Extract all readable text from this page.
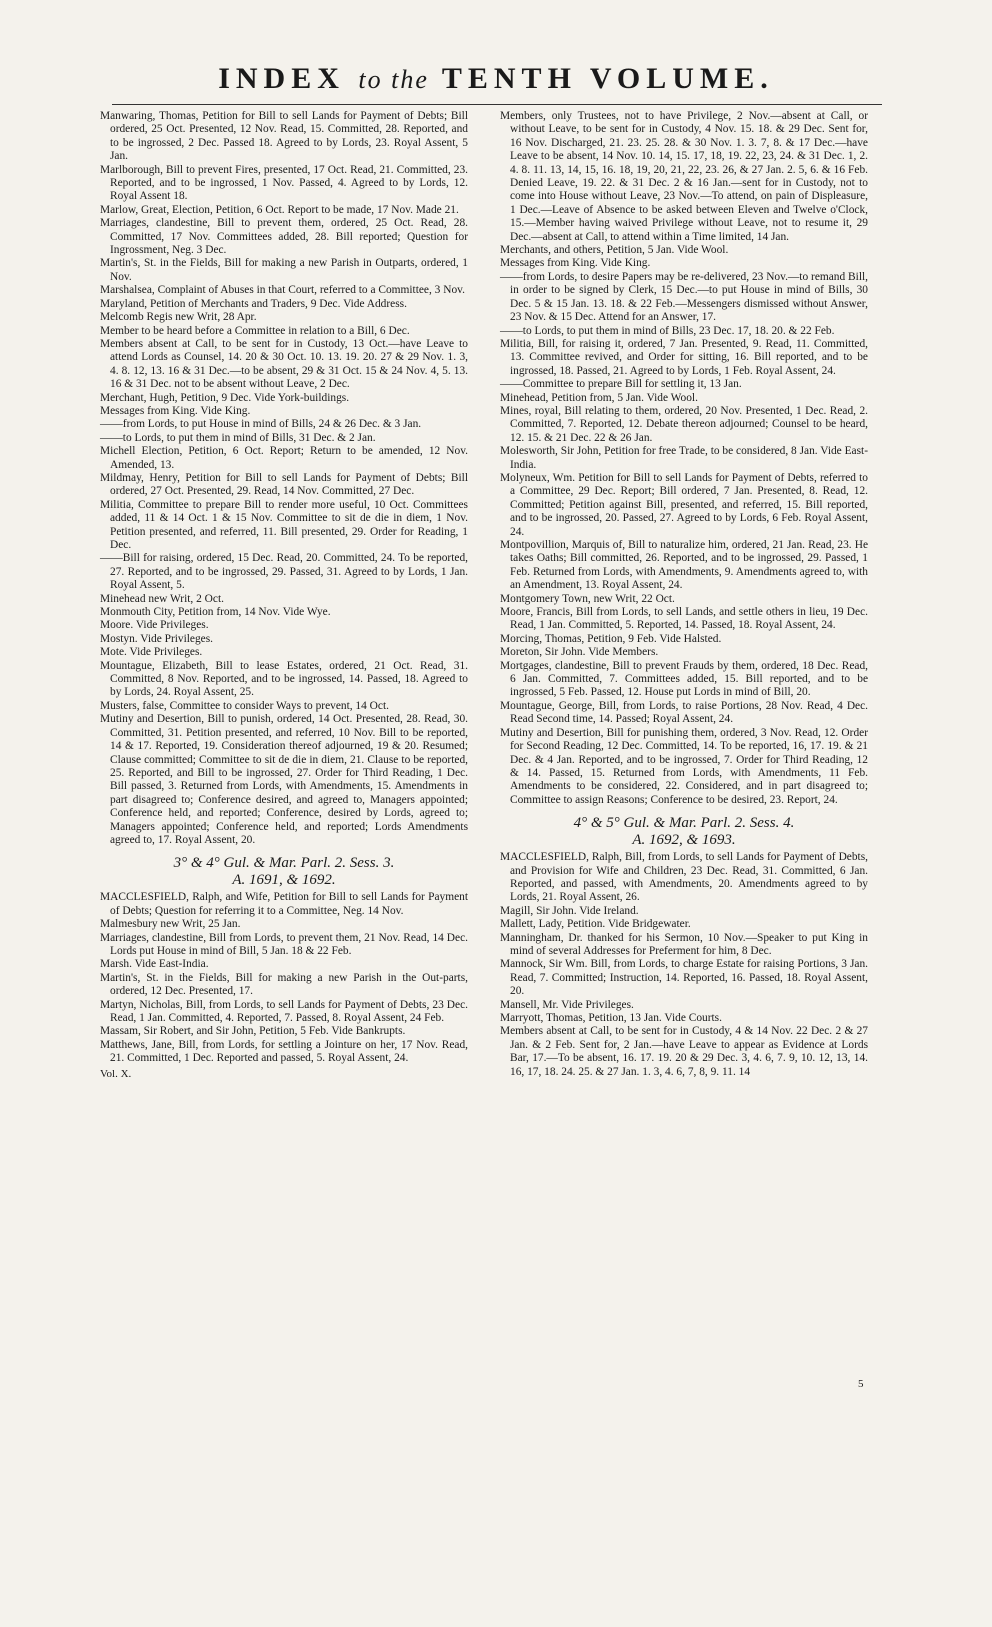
INDEX to the TENTH VOLUME.

Manwaring, Thomas, Petition for Bill to sell Lands for Payment of Debts; Bill ordered, 25 Oct. Presented, 12 Nov. Read, 15. Committed, 28. Reported, and to be ingrossed, 2 Dec. Passed 18. Agreed to by Lords, 23. Royal Assent, 5 Jan.

Marlborough, Bill to prevent Fires, presented, 17 Oct. Read, 21. Committed, 23. Reported, and to be ingrossed, 1 Nov. Passed, 4. Agreed to by Lords, 12. Royal Assent 18.

Marlow, Great, Election, Petition, 6 Oct. Report to be made, 17 Nov. Made 21.

Marriages, clandestine, Bill to prevent them, ordered, 25 Oct. Read, 28. Committed, 17 Nov. Committees added, 28. Bill reported; Question for Ingrossment, Neg. 3 Dec.

Martin's, St. in the Fields, Bill for making a new Parish in Outparts, ordered, 1 Nov.

Marshalsea, Complaint of Abuses in that Court, referred to a Committee, 3 Nov.

Maryland, Petition of Merchants and Traders, 9 Dec. Vide Address.

Melcomb Regis new Writ, 28 Apr.

Member to be heard before a Committee in relation to a Bill, 6 Dec.

Members absent at Call, to be sent for in Custody, 13 Oct.—have Leave to attend Lords as Counsel, 14. 20 & 30 Oct. 10. 13. 19. 20. 27 & 29 Nov. 1. 3, 4. 8. 12, 13. 16 & 31 Dec.—to be absent, 29 & 31 Oct. 15 & 24 Nov. 4, 5. 13. 16 & 31 Dec. not to be absent without Leave, 2 Dec.

Merchant, Hugh, Petition, 9 Dec. Vide York-buildings.

Messages from King. Vide King.

——from Lords, to put House in mind of Bills, 24 & 26 Dec. & 3 Jan.

——to Lords, to put them in mind of Bills, 31 Dec. & 2 Jan.

Michell Election, Petition, 6 Oct. Report; Return to be amended, 12 Nov. Amended, 13.

Mildmay, Henry, Petition for Bill to sell Lands for Payment of Debts; Bill ordered, 27 Oct. Presented, 29. Read, 14 Nov. Committed, 27 Dec.

Militia, Committee to prepare Bill to render more useful, 10 Oct. Committees added, 11 & 14 Oct. 1 & 15 Nov. Committee to sit de die in diem, 1 Nov. Petition presented, and referred, 11. Bill presented, 29. Order for Reading, 1 Dec.

——Bill for raising, ordered, 15 Dec. Read, 20. Committed, 24. To be reported, 27. Reported, and to be ingrossed, 29. Passed, 31. Agreed to by Lords, 1 Jan. Royal Assent, 5.

Minehead new Writ, 2 Oct.

Monmouth City, Petition from, 14 Nov. Vide Wye.

Moore. Vide Privileges.

Mostyn. Vide Privileges.

Mote. Vide Privileges.

Mountague, Elizabeth, Bill to lease Estates, ordered, 21 Oct. Read, 31. Committed, 8 Nov. Reported, and to be ingrossed, 14. Passed, 18. Agreed to by Lords, 24. Royal Assent, 25.

Musters, false, Committee to consider Ways to prevent, 14 Oct.

Mutiny and Desertion, Bill to punish, ordered, 14 Oct. Presented, 28. Read, 30. Committed, 31. Petition presented, and referred, 10 Nov. Bill to be reported, 14 & 17. Reported, 19. Consideration thereof adjourned, 19 & 20. Resumed; Clause committed; Committee to sit de die in diem, 21. Clause to be reported, 25. Reported, and Bill to be ingrossed, 27. Order for Third Reading, 1 Dec. Bill passed, 3. Returned from Lords, with Amendments, 15. Amendments in part disagreed to; Conference desired, and agreed to, Managers appointed; Conference held, and reported; Conference, desired by Lords, agreed to; Managers appointed; Conference held, and reported; Lords Amendments agreed to, 17. Royal Assent, 20.

3° & 4° Gul. & Mar. Parl. 2. Sess. 3.
A. 1691, & 1692.

MACCLESFIELD, Ralph, and Wife, Petition for Bill to sell Lands for Payment of Debts; Question for referring it to a Committee, Neg. 14 Nov.

Malmesbury new Writ, 25 Jan.

Marriages, clandestine, Bill from Lords, to prevent them, 21 Nov. Read, 14 Dec. Lords put House in mind of Bill, 5 Jan. 18 & 22 Feb.

Marsh. Vide East-India.

Martin's, St. in the Fields, Bill for making a new Parish in the Out-parts, ordered, 12 Dec. Presented, 17.

Martyn, Nicholas, Bill, from Lords, to sell Lands for Payment of Debts, 23 Dec. Read, 1 Jan. Committed, 4. Reported, 7. Passed, 8. Royal Assent, 24 Feb.

Massam, Sir Robert, and Sir John, Petition, 5 Feb. Vide Bankrupts.

Matthews, Jane, Bill, from Lords, for settling a Jointure on her, 17 Nov. Read, 21. Committed, 1 Dec. Reported and passed, 5. Royal Assent, 24.

Vol. X.

Members, only Trustees, not to have Privilege, 2 Nov.—absent at Call, or without Leave, to be sent for in Custody, 4 Nov. 15. 18. & 29 Dec. Sent for, 16 Nov. Discharged, 21. 23. 25. 28. & 30 Nov. 1. 3. 7, 8. & 17 Dec.—have Leave to be absent, 14 Nov. 10. 14, 15. 17, 18, 19. 22, 23, 24. & 31 Dec. 1, 2. 4. 8. 11. 13, 14, 15, 16. 18, 19, 20, 21, 22, 23. 26, & 27 Jan. 2. 5, 6. & 16 Feb. Denied Leave, 19. 22. & 31 Dec. 2 & 16 Jan.—sent for in Custody, not to come into House without Leave, 23 Nov.—To attend, on pain of Displeasure, 1 Dec.—Leave of Absence to be asked between Eleven and Twelve o'Clock, 15.—Member having waived Privilege without Leave, not to resume it, 29 Dec.—absent at Call, to attend within a Time limited, 14 Jan.

Merchants, and others, Petition, 5 Jan. Vide Wool.

Messages from King. Vide King.

——from Lords, to desire Papers may be re-delivered, 23 Nov.—to remand Bill, in order to be signed by Clerk, 15 Dec.—to put House in mind of Bills, 30 Dec. 5 & 15 Jan. 13. 18. & 22 Feb.—Messengers dismissed without Answer, 23 Nov. & 15 Dec. Attend for an Answer, 17.

——to Lords, to put them in mind of Bills, 23 Dec. 17, 18. 20. & 22 Feb.

Militia, Bill, for raising it, ordered, 7 Jan. Presented, 9. Read, 11. Committed, 13. Committee revived, and Order for sitting, 16. Bill reported, and to be ingrossed, 18. Passed, 21. Agreed to by Lords, 1 Feb. Royal Assent, 24.

——Committee to prepare Bill for settling it, 13 Jan.

Minehead, Petition from, 5 Jan. Vide Wool.

Mines, royal, Bill relating to them, ordered, 20 Nov. Presented, 1 Dec. Read, 2. Committed, 7. Reported, 12. Debate thereon adjourned; Counsel to be heard, 12. 15. & 21 Dec. 22 & 26 Jan.

Molesworth, Sir John, Petition for free Trade, to be considered, 8 Jan. Vide East-India.

Molyneux, Wm. Petition for Bill to sell Lands for Payment of Debts, referred to a Committee, 29 Dec. Report; Bill ordered, 7 Jan. Presented, 8. Read, 12. Committed; Petition against Bill, presented, and referred, 15. Bill reported, and to be ingrossed, 20. Passed, 27. Agreed to by Lords, 6 Feb. Royal Assent, 24.

Montpovillion, Marquis of, Bill to naturalize him, ordered, 21 Jan. Read, 23. He takes Oaths; Bill committed, 26. Reported, and to be ingrossed, 29. Passed, 1 Feb. Returned from Lords, with Amendments, 9. Amendments agreed to, with an Amendment, 13. Royal Assent, 24.

Montgomery Town, new Writ, 22 Oct.

Moore, Francis, Bill from Lords, to sell Lands, and settle others in lieu, 19 Dec. Read, 1 Jan. Committed, 5. Reported, 14. Passed, 18. Royal Assent, 24.

Morcing, Thomas, Petition, 9 Feb. Vide Halsted.

Moreton, Sir John. Vide Members.

Mortgages, clandestine, Bill to prevent Frauds by them, ordered, 18 Dec. Read, 6 Jan. Committed, 7. Committees added, 15. Bill reported, and to be ingrossed, 5 Feb. Passed, 12. House put Lords in mind of Bill, 20.

Mountague, George, Bill, from Lords, to raise Portions, 28 Nov. Read, 4 Dec. Read Second time, 14. Passed; Royal Assent, 24.

Mutiny and Desertion, Bill for punishing them, ordered, 3 Nov. Read, 12. Order for Second Reading, 12 Dec. Committed, 14. To be reported, 16, 17. 19. & 21 Dec. & 4 Jan. Reported, and to be ingrossed, 7. Order for Third Reading, 12 & 14. Passed, 15. Returned from Lords, with Amendments, 11 Feb. Amendments to be considered, 22. Considered, and in part disagreed to; Committee to assign Reasons; Conference to be desired, 23. Report, 24.

4° & 5° Gul. & Mar. Parl. 2. Sess. 4.
A. 1692, & 1693.

MACCLESFIELD, Ralph, Bill, from Lords, to sell Lands for Payment of Debts, and Provision for Wife and Children, 23 Dec. Read, 31. Committed, 6 Jan. Reported, and passed, with Amendments, 20. Amendments agreed to by Lords, 21. Royal Assent, 26.

Magill, Sir John. Vide Ireland.

Mallett, Lady, Petition. Vide Bridgewater.

Manningham, Dr. thanked for his Sermon, 10 Nov.—Speaker to put King in mind of several Addresses for Preferment for him, 8 Dec.

Mannock, Sir Wm. Bill, from Lords, to charge Estate for raising Portions, 3 Jan. Read, 7. Committed; Instruction, 14. Reported, 16. Passed, 18. Royal Assent, 20.

Mansell, Mr. Vide Privileges.

Marryott, Thomas, Petition, 13 Jan. Vide Courts.

Members absent at Call, to be sent for in Custody, 4 & 14 Nov. 22 Dec. 2 & 27 Jan. & 2 Feb. Sent for, 2 Jan.—have Leave to appear as Evidence at Lords Bar, 17.—To be absent, 16. 17. 19. 20 & 29 Dec. 3, 4. 6, 7. 9, 10. 12, 13, 14. 16, 17, 18. 24. 25. & 27 Jan. 1. 3, 4. 6, 7, 8, 9. 11. 14

5
